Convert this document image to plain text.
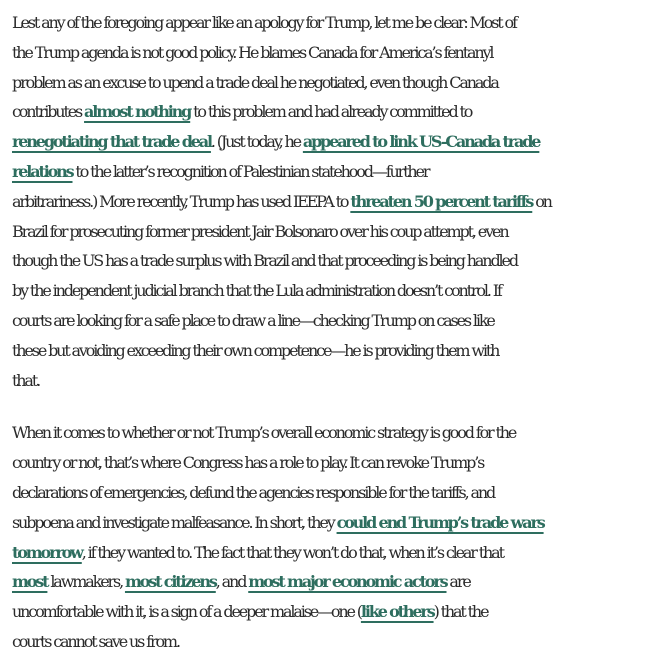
Lest any of the foregoing appear like an apology for Trump, let me be clear: Most of
the Trump agenda is not good policy. He blames Canada for America’s fentanyl
problem as an excuse to upend a trade deal he negotiated, even though Canada
contributes almost nothing to this problem and had already committed to
renegotiating that trade deal. (Just today, he appeared to link US-Canada trade
relations to the latter’s recognition of Palestinian statehood—further
arbitrariness.) More recently, Trump has used IEEPA to threaten 50 percent tariffs on
Brazil for prosecuting former president Jair Bolsonaro over his coup attempt, even
though the US has a trade surplus with Brazil and that proceeding is being handled
by the independent judicial branch that the Lula administration doesn’t control. If
courts are looking for a safe place to draw a line—checking Trump on cases like
these but avoiding exceeding their own competence—he is providing them with
that.
When it comes to whether or not Trump’s overall economic strategy is good for the
country or not, that’s where Congress has a role to play. It can revoke Trump’s
declarations of emergencies, defund the agencies responsible for the tariffs, and
subpoena and investigate malfeasance. In short, they could end Trump’s trade wars
tomorrow, if they wanted to. The fact that they won’t do that, when it’s clear that
most lawmakers, most citizens, and most major economic actors are
uncomfortable with it, is a sign of a deeper malaise—one (like others) that the
courts cannot save us from.
